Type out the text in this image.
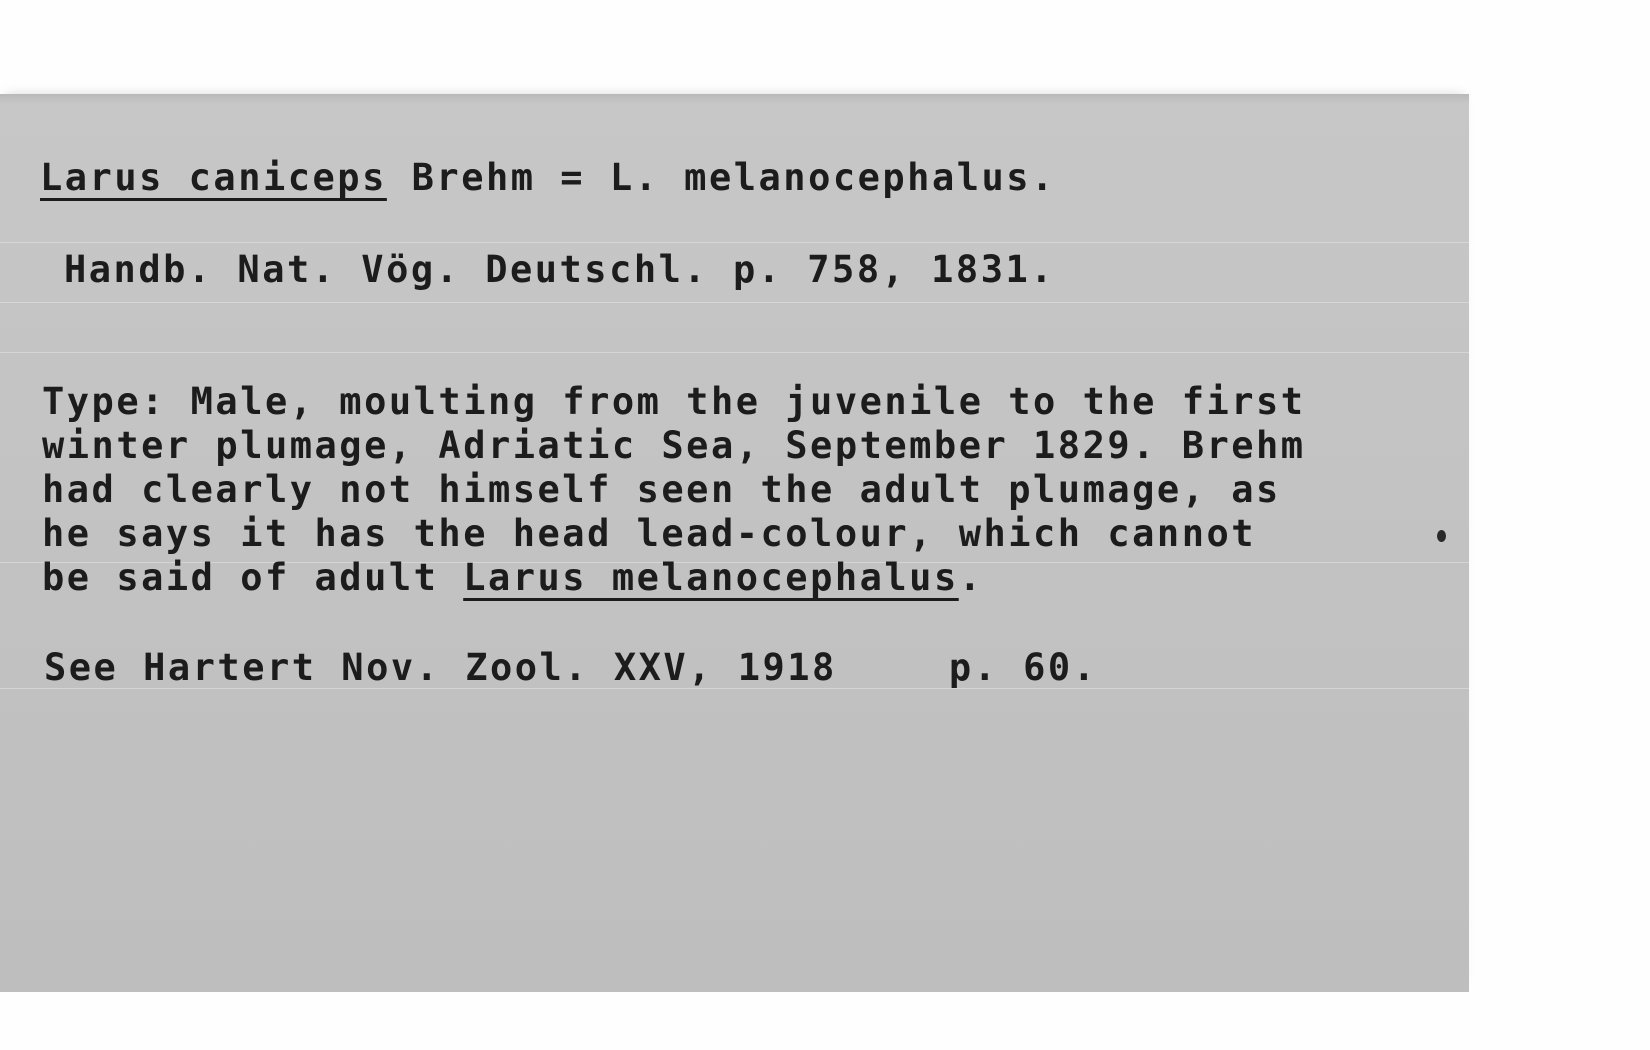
Larus caniceps Brehm = L. melanocephalus.

Handb. Nat. Vög. Deutschl. p. 758, 1831.

Type: Male, moulting from the juvenile to the first
winter plumage, Adriatic Sea, September 1829. Brehm
had clearly not himself seen the adult plumage, as
he says it has the head lead-colour, which cannot
be said of adult Larus melanocephalus.

See Hartert Nov. Zool. XXV, 1918	p. 60.
